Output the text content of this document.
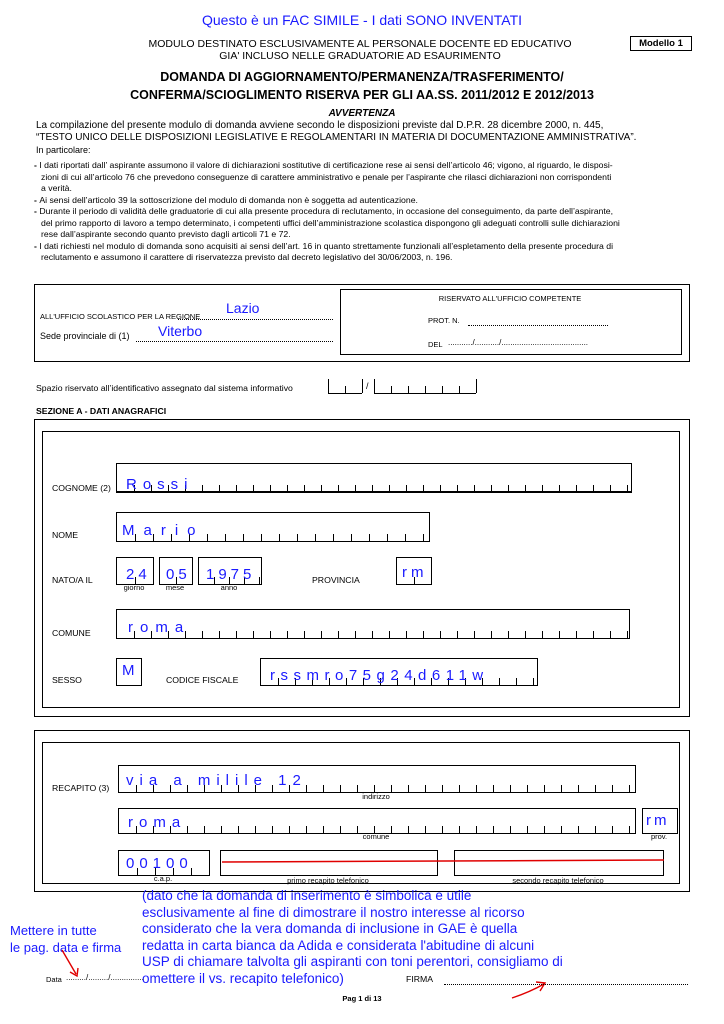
Questo è un FAC SIMILE - I dati SONO INVENTATI
MODULO DESTINATO ESCLUSIVAMENTE AL PERSONALE DOCENTE ED EDUCATIVO
GIA' INCLUSO NELLE GRADUATORIE AD ESAURIMENTO
Modello 1
DOMANDA DI AGGIORNAMENTO/PERMANENZA/TRASFERIMENTO/
CONFERMA/SCIOGLIMENTO RISERVA PER GLI AA.SS. 2011/2012 E 2012/2013
AVVERTENZA
La compilazione del presente modulo di domanda avviene secondo le disposizioni previste dal D.P.R. 28 dicembre 2000, n. 445,
“TESTO UNICO DELLE DISPOSIZIONI LEGISLATIVE E REGOLAMENTARI IN MATERIA DI DOCUMENTAZIONE AMMINISTRATIVA”.
In particolare:
- I dati riportati dall’ aspirante assumono il valore di dichiarazioni sostitutive di certificazione rese ai sensi dell’articolo 46; vigono, al riguardo, le disposi-
zioni di cui all’articolo 76 che prevedono conseguenze di carattere amministrativo e penale per l’aspirante che rilasci dichiarazioni non corrispondenti
a verità.
- Ai sensi dell’articolo 39 la sottoscrizione del modulo di domanda non è soggetta ad autenticazione.
- Durante il periodo di validità delle graduatorie di cui alla presente procedura di reclutamento, in occasione del conseguimento, da parte dell’aspirante,
del primo rapporto di lavoro a tempo determinato, i competenti uffici dell’amministrazione scolastica dispongono gli adeguati controlli sulle dichiarazioni
rese dall’aspirante secondo quanto previsto dagli articoli 71 e 72.
- I dati richiesti nel modulo di domanda sono acquisiti ai sensi dell’art. 16 in quanto strettamente funzionali all’espletamento della presente procedura di
reclutamento e assumono il carattere di riservatezza previsto dal decreto legislativo del 30/06/2003, n. 196.
ALL'UFFICIO SCOLASTICO PER LA REGIONE
Lazio
Sede provinciale di (1) Viterbo
RISERVATO ALL'UFFICIO COMPETENTE
PROT. N.
DEL .........../.........../.......................................
Spazio riservato all’identificativo assegnato dal sistema informativo	/
SEZIONE A - DATI ANAGRAFICI
COGNOME (2) Rossi
NOME	Mario
NATO/A IL 24 05 1975
giorno	mese	anno
PROVINCIA	rm
COMUNE roma
SESSO
M
CODICE FISCALE rssmro75g24d611w
RECAPITO (3) via a milile 12
indirizzo
roma
comune
rm
prov.
00100
c.a.p.	primo recapito telefonico	secondo recapito telefonico
(dato che la domanda di inserimento è simbolica e utile
esclusivamente al fine di dimostrare il nostro interesse al ricorso
considerato che la vera domanda di inclusione in GAE è quella
redatta in carta bianca da Adida e considerata l'abitudine di alcuni
USP di chiamare talvolta gli aspiranti con toni perentori, consigliamo di
omettere il vs. recapito telefonico)
Mettere in tutte
le pag. data e firma
Data ........./........./...............	FIRMA
Pag 1 di 13
